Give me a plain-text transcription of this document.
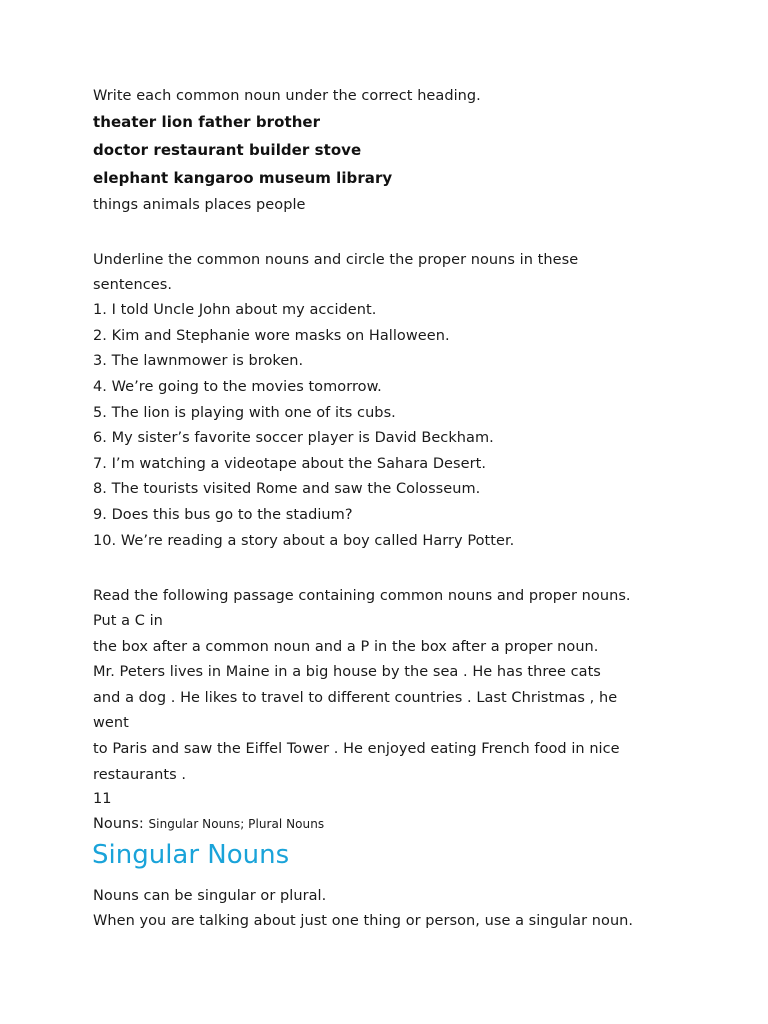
Write each common noun under the correct heading.
theater lion father brother
doctor restaurant builder stove
elephant kangaroo museum library
things animals places people
Underline the common nouns and circle the proper nouns in these
sentences.
1. I told Uncle John about my accident.
2. Kim and Stephanie wore masks on Halloween.
3. The lawnmower is broken.
4. We’re going to the movies tomorrow.
5. The lion is playing with one of its cubs.
6. My sister’s favorite soccer player is David Beckham.
7. I’m watching a videotape about the Sahara Desert.
8. The tourists visited Rome and saw the Colosseum.
9. Does this bus go to the stadium?
10. We’re reading a story about a boy called Harry Potter.
Read the following passage containing common nouns and proper nouns.
Put a C in
the box after a common noun and a P in the box after a proper noun.
Mr. Peters lives in Maine in a big house by the sea . He has three cats
and a dog . He likes to travel to different countries . Last Christmas , he
went
to Paris and saw the Eiffel Tower . He enjoyed eating French food in nice
restaurants .
11
Nouns: Singular Nouns; Plural Nouns
Singular Nouns
Nouns can be singular or plural.
When you are talking about just one thing or person, use a singular noun.
